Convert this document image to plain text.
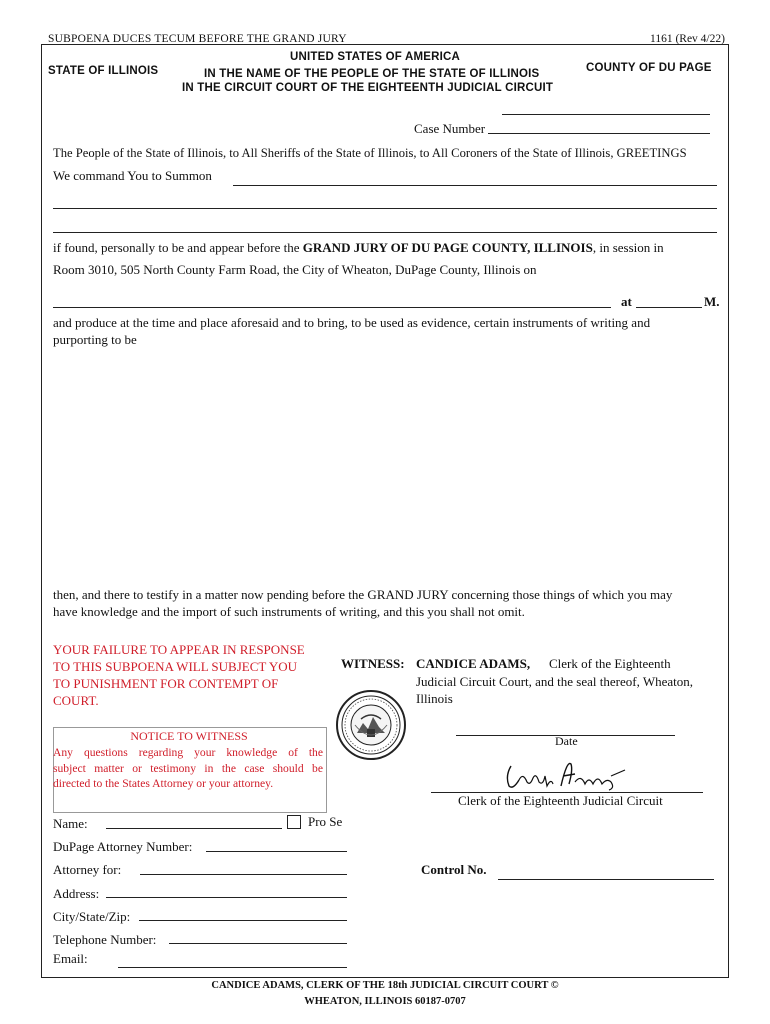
SUBPOENA DUCES TECUM BEFORE THE GRAND JURY	1161 (Rev 4/22)
UNITED STATES OF AMERICA
STATE OF ILLINOIS	IN THE NAME OF THE PEOPLE OF THE STATE OF ILLINOIS	COUNTY OF DU PAGE
IN THE CIRCUIT COURT OF THE EIGHTEENTH JUDICIAL CIRCUIT
Case Number
The People of the State of Illinois, to All Sheriffs of the State of Illinois, to All Coroners of the State of Illinois, GREETINGS
We command You to Summon
if found, personally to be and appear before the GRAND JURY OF DU PAGE COUNTY, ILLINOIS, in session in
Room 3010, 505 North County Farm Road, the City of Wheaton, DuPage County, Illinois on
at	M.
and produce at the time and place aforesaid and to bring, to be used as evidence, certain instruments of writing and
purporting to be
then, and there to testify in a matter now pending before the GRAND JURY concerning those things of which you may
have knowledge and the import of such instruments of writing, and this you shall not omit.
YOUR FAILURE TO APPEAR IN RESPONSE
TO THIS SUBPOENA WILL SUBJECT YOU
TO PUNISHMENT FOR CONTEMPT OF
COURT.
WITNESS: CANDICE ADAMS, Clerk of the Eighteenth
Judicial Circuit Court, and the seal thereof, Wheaton,
Illinois
NOTICE TO WITNESS
Any questions regarding your knowledge of the
subject matter or testimony in the case should be
directed to the States Attorney or your attorney.
Date
Clerk of the Eighteenth Judicial Circuit
Name:	Pro Se
DuPage Attorney Number:
Attorney for:	Control No.
Address:
City/State/Zip:
Telephone Number:
Email:
CANDICE ADAMS, CLERK OF THE 18th JUDICIAL CIRCUIT COURT ©
WHEATON, ILLINOIS 60187-0707
